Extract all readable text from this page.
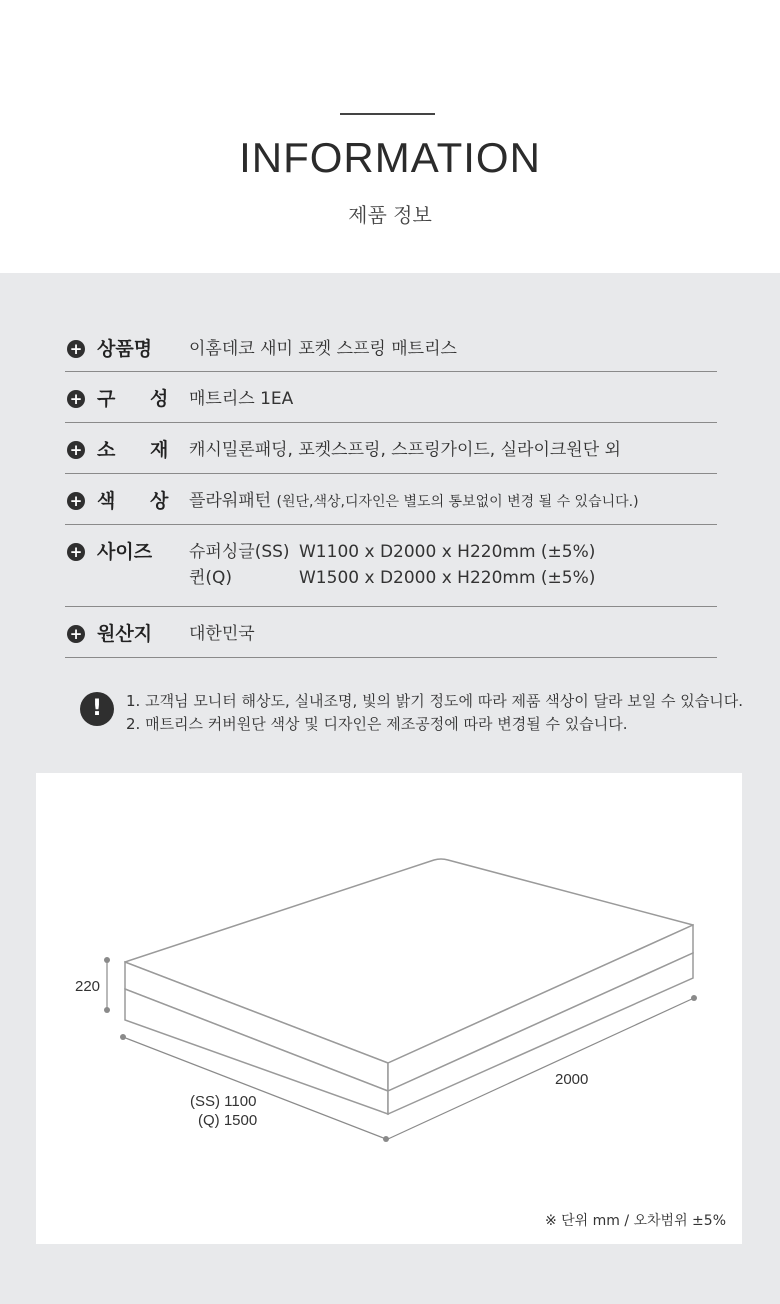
INFORMATION
제품 정보
+ 상품명	이홈데코 새미 포켓 스프링 매트리스
+ 구 성 매트리스 1EA
+ 소 재 캐시밀론패딩, 포켓스프링, 스프링가이드, 실라이크원단 외
+ 색 상 플라워패턴 (원단,색상,디자인은 별도의 통보없이 변경 될 수 있습니다.)
+ 사이즈	슈퍼싱글(SS) W1100 x D2000 x H220mm (±5%)
퀸(Q)	W1500 x D2000 x H220mm (±5%)
+ 원산지	대한민국
!	1. 고객님 모니터 해상도, 실내조명, 빛의 밝기 정도에 따라 제품 색상이 달라 보일 수 있습니다.
2. 매트리스 커버원단 색상 및 디자인은 제조공정에 따라 변경될 수 있습니다.
220
2000
(SS) 1100
(Q) 1500
※ 단위 mm / 오차범위 ±5%
